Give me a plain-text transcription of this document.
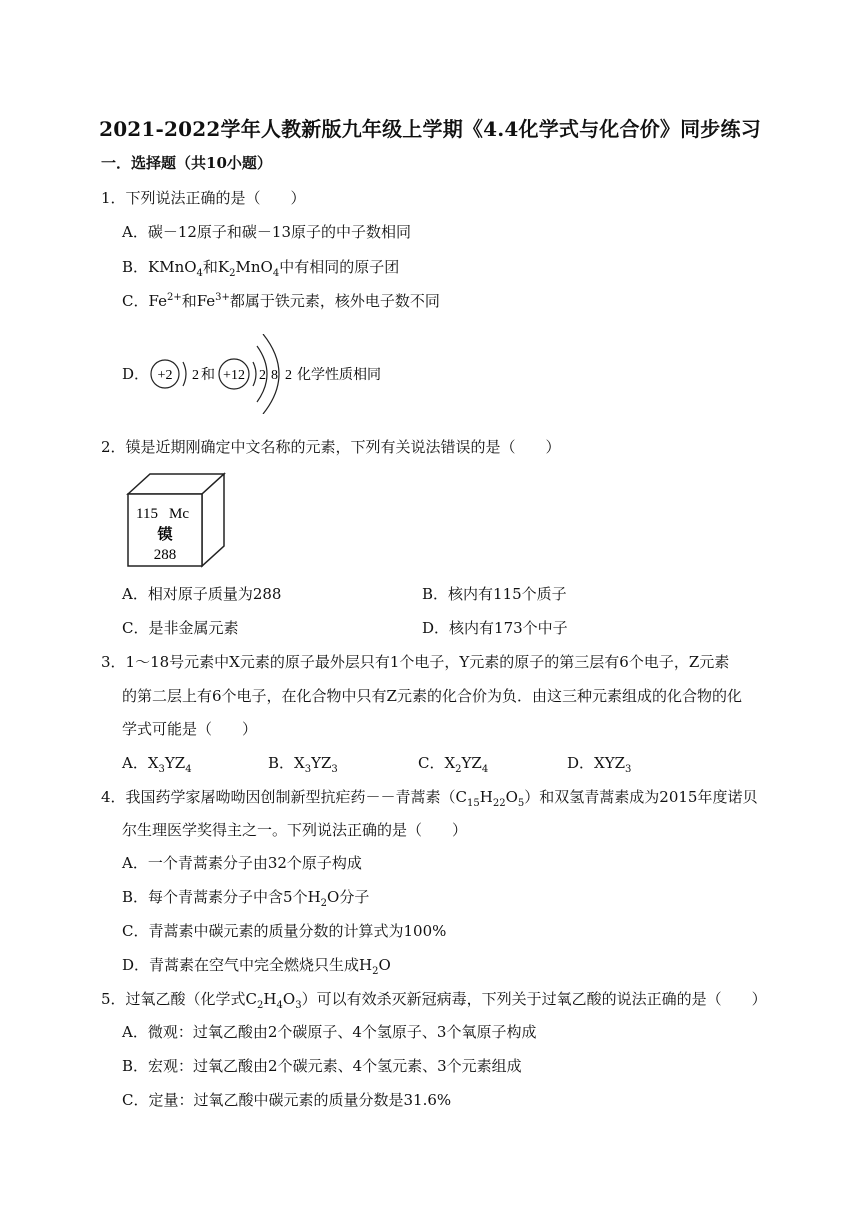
2021-2022学年人教新版九年级上学期《4.4化学式与化合价》同步练习
一．选择题（共10小题）
1．下列说法正确的是（　　）
A．碳－12原子和碳－13原子的中子数相同
B．KMnO$_4$和$K_2MnO_4$中有相同的原子团
C．$Fe^{2+}$和$Fe^{3+}$都属于铁元素，核外电子数不同
D． +2 2 和 +12 2 8 2 化学性质相同
2．镆是近期刚确定中文名称的元素，下列有关说法错误的是（　　）
115 Mc
镆
288
A．相对原子质量为288	B．核内有115个质子
C．是非金属元素	D．核内有173个中子
3．1～18号元素中X元素的原子最外层只有1个电子，Y元素的原子的第三层有6个电子，Z元素
的第二层上有6个电子，在化合物中只有Z元素的化合价为负．由这三种元素组成的化合物的化
学式可能是（　　）
A．$X_3YZ_4$	B．$X_3YZ_3$	C．$X_2YZ_4$	D．$XYZ_3$
4．我国药学家屠呦呦因创制新型抗疟药－－青蒿素$(C_{15}H_{22}O_5)$和双氢青蒿素成为2015年度诺贝
尔生理医学奖得主之一。下列说法正确的是（　　）
A．一个青蒿素分子由32个原子构成
B．每个青蒿素分子中含5个$H_2O$分子
C．青蒿素中碳元素的质量分数的计算式为100%
D．青蒿素在空气中完全燃烧只生成$H_2O$
5．过氧乙酸（化学式$C_2H_4O_3$）可以有效杀灭新冠病毒，下列关于过氧乙酸的说法正确的是（　　）
A．微观：过氧乙酸由2个碳原子、4个氢原子、3个氧原子构成
B．宏观：过氧乙酸由2个碳元素、4个氢元素、3个元素组成
C．定量：过氧乙酸中碳元素的质量分数是31.6%
